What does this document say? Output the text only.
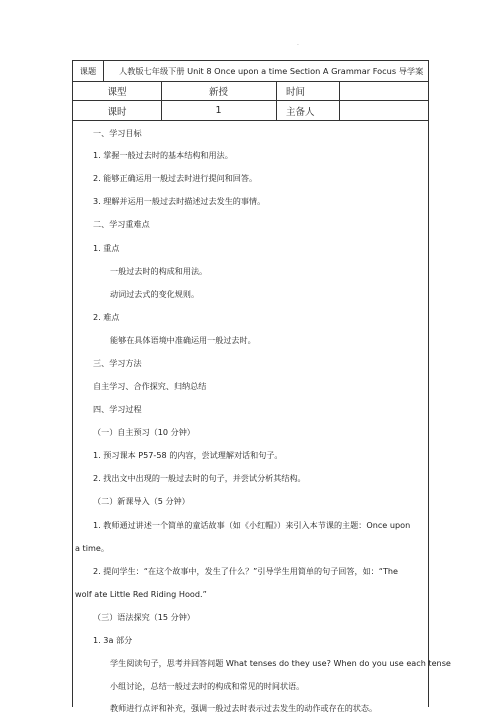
·
课题	人教版七年级下册 Unit 8 Once upon a time Section A Grammar Focus 导学案
课型	新授	时间
课时	1	主备人
一、学习目标
1. 掌握一般过去时的基本结构和用法。
2. 能够正确运用一般过去时进行提问和回答。
3. 理解并运用一般过去时描述过去发生的事情。
二、学习重难点
1. 重点
一般过去时的构成和用法。
动词过去式的变化规则。
2. 难点
能够在具体语境中准确运用一般过去时。
三、学习方法
自主学习、合作探究、归纳总结
四、学习过程
（一）自主预习（10 分钟）
1. 预习课本 P57-58 的内容，尝试理解对话和句子。
2. 找出文中出现的一般过去时的句子，并尝试分析其结构。
（二）新课导入（5 分钟）
1. 教师通过讲述一个简单的童话故事（如《小红帽》）来引入本节课的主题：Once upon
a time。
2. 提问学生：“在这个故事中，发生了什么？”引导学生用简单的句子回答，如：“The
wolf ate Little Red Riding Hood.”
（三）语法探究（15 分钟）
1. 3a 部分
学生阅读句子，思考并回答问题 What tenses do they use? When do you use each tense
小组讨论，总结一般过去时的构成和常见的时间状语。
教师进行点评和补充，强调一般过去时表示过去发生的动作或存在的状态。
